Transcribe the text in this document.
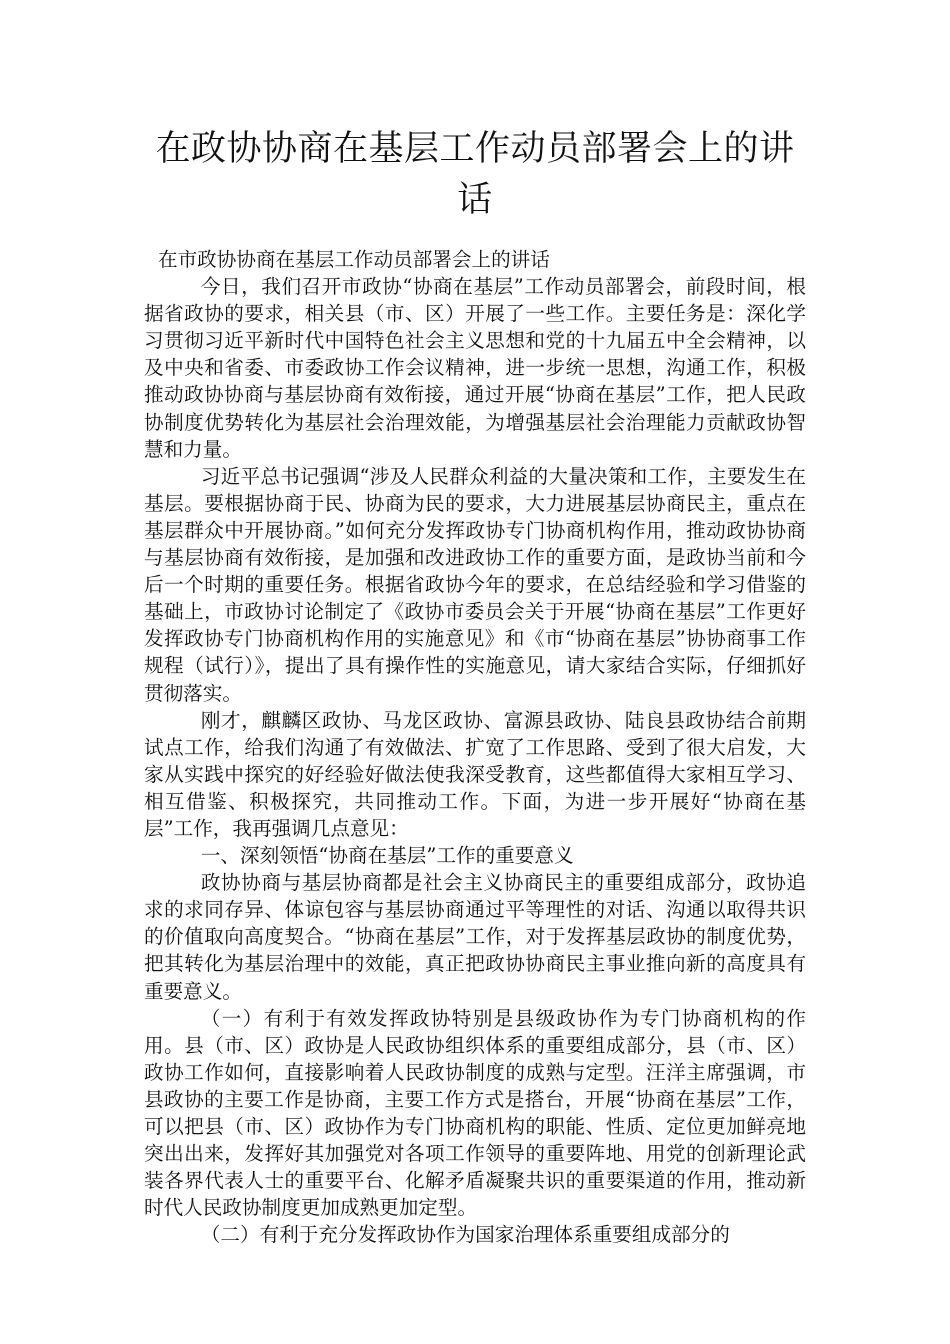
在政协协商在基层工作动员部署会上的讲话

在市政协协商在基层工作动员部署会上的讲话

今日，我们召开市政协“协商在基层”工作动员部署会，前段时间，根据省政协的要求，相关县（市、区）开展了一些工作。主要任务是：深化学习贯彻习近平新时代中国特色社会主义思想和党的十九届五中全会精神，以及中央和省委、市委政协工作会议精神，进一步统一思想，沟通工作，积极推动政协协商与基层协商有效衔接，通过开展“协商在基层”工作，把人民政协制度优势转化为基层社会治理效能，为增强基层社会治理能力贡献政协智慧和力量。

习近平总书记强调“涉及人民群众利益的大量决策和工作，主要发生在基层。要根据协商于民、协商为民的要求，大力进展基层协商民主，重点在基层群众中开展协商。”如何充分发挥政协专门协商机构作用，推动政协协商与基层协商有效衔接，是加强和改进政协工作的重要方面，是政协当前和今后一个时期的重要任务。根据省政协今年的要求，在总结经验和学习借鉴的基础上，市政协讨论制定了《政协市委员会关于开展“协商在基层”工作更好发挥政协专门协商机构作用的实施意见》和《市“协商在基层”协协商事工作规程（试行）》，提出了具有操作性的实施意见，请大家结合实际，仔细抓好贯彻落实。

刚才，麒麟区政协、马龙区政协、富源县政协、陆良县政协结合前期试点工作，给我们沟通了有效做法、扩宽了工作思路、受到了很大启发，大家从实践中探究的好经验好做法使我深受教育，这些都值得大家相互学习、相互借鉴、积极探究，共同推动工作。下面，为进一步开展好“协商在基层”工作，我再强调几点意见：

一、深刻领悟“协商在基层”工作的重要意义

政协协商与基层协商都是社会主义协商民主的重要组成部分，政协追求的求同存异、体谅包容与基层协商通过平等理性的对话、沟通以取得共识的价值取向高度契合。“协商在基层”工作，对于发挥基层政协的制度优势，把其转化为基层治理中的效能，真正把政协协商民主事业推向新的高度具有重要意义。

（一）有利于有效发挥政协特别是县级政协作为专门协商机构的作用。县（市、区）政协是人民政协组织体系的重要组成部分，县（市、区）政协工作如何，直接影响着人民政协制度的成熟与定型。汪洋主席强调，市县政协的主要工作是协商，主要工作方式是搭台，开展“协商在基层”工作，可以把县（市、区）政协作为专门协商机构的职能、性质、定位更加鲜亮地突出出来，发挥好其加强党对各项工作领导的重要阵地、用党的创新理论武装各界代表人士的重要平台、化解矛盾凝聚共识的重要渠道的作用，推动新时代人民政协制度更加成熟更加定型。

（二）有利于充分发挥政协作为国家治理体系重要组成部分的
